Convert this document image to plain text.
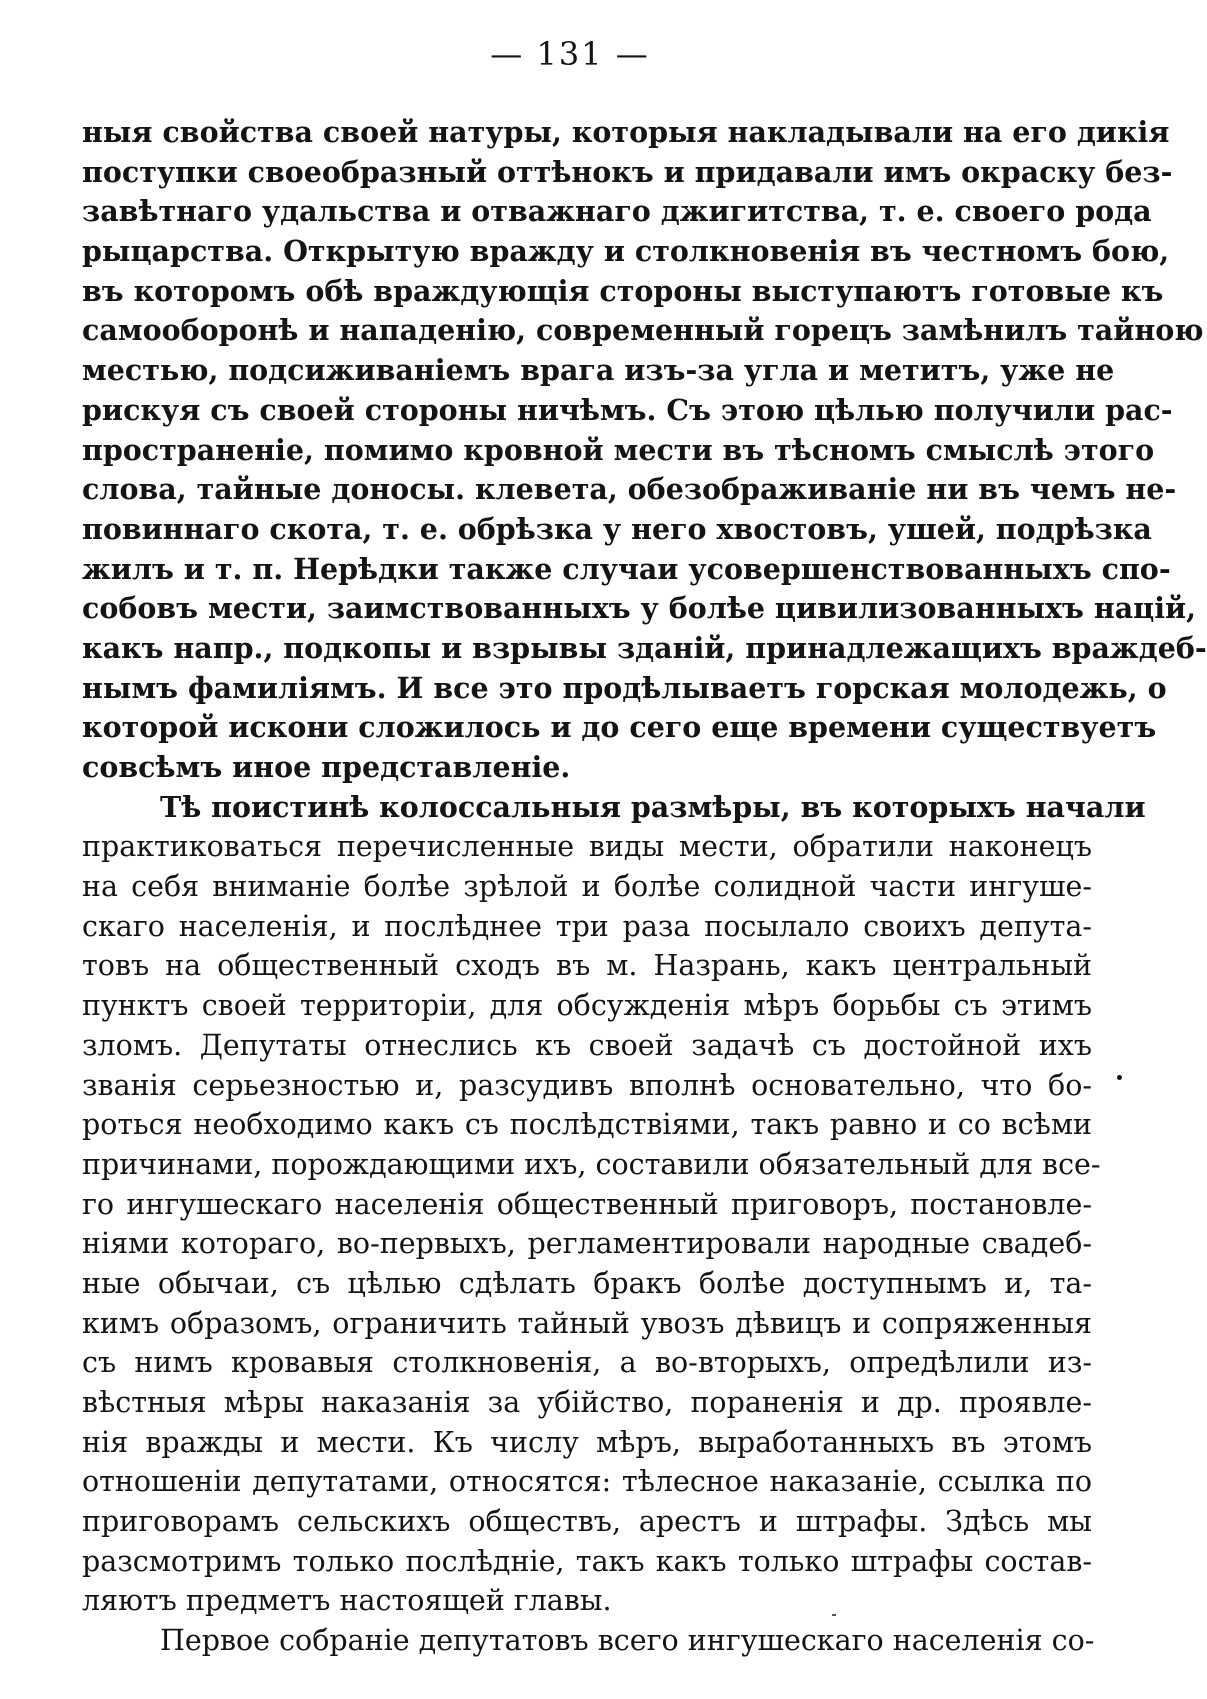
— 131 —
ныя свойства своей натуры, которыя накладывали на его дикія
поступки своеобразный оттѣнокъ и придавали имъ окраску без-
завѣтнаго удальства и отважнаго джигитства, т. е. своего рода
рыцарства. Открытую вражду и столкновенія въ честномъ бою,
въ которомъ обѣ враждующія стороны выступаютъ готовые къ
самообоpонѣ и нападенію, современный горецъ замѣнилъ тайною
местью, подсиживаніемъ врага изъ-за угла и метитъ, уже не
рискуя съ своей стороны ничѣмъ. Съ этою цѣлью получили рас-
пространеніе, помимо кровной мести въ тѣсномъ смыслѣ этого
слова, тайные доносы. клевета, обезображиваніе ни въ чемъ не-
повиннаго скота, т. е. обрѣзка у него хвостовъ, ушей, подрѣзка
жилъ и т. п. Нерѣдки также случаи усовершенствованныхъ спо-
собовъ мести, заимствованныхъ у болѣе цивилизованныхъ націй,
какъ напр., подкопы и взрывы зданій, принадлежащихъ враждеб-
нымъ фамиліямъ. И все это продѣлываетъ горская молодежь, о
которой искони сложилось и до сего еще времени существуетъ
совсѣмъ иное представленіе.
Тѣ поистинѣ колоссальныя размѣры, въ которыхъ начали
практиковаться перечисленные виды мести, обратили наконецъ
на себя вниманіе болѣе зрѣлой и болѣе солидной части ингуше-
скаго населенія, и послѣднее три раза посылало своихъ депута-
товъ на общественный сходъ въ м. Назрань, какъ центральный
пунктъ своей территоріи, для обсужденія мѣръ борьбы съ этимъ
зломъ. Депутаты отнеслись къ своей задачѣ съ достойной ихъ
званія серьезностью и, разсудивъ вполнѣ основательно, что бо-
роться необходимо какъ съ послѣдствіями, такъ равно и со всѣми
причинами, порождающими ихъ, составили обязательный для все-
го ингушескаго населенія общественный приговоръ, постановле-
ніями котораго, во-первыхъ, регламентировали народные свадеб-
ные обычаи, съ цѣлью сдѣлать бракъ болѣе доступнымъ и, та-
кимъ образомъ, ограничить тайный увозъ дѣвицъ и сопряженныя
съ нимъ кровавыя столкновенія, а во-вторыхъ, опредѣлили из-
вѣстныя мѣры наказанія за убійство, пораненія и др. проявле-
нія вражды и мести. Къ числу мѣръ, выработанныхъ въ этомъ
отношеніи депутатами, относятся: тѣлесное наказаніе, ссылка по
приговорамъ сельскихъ обществъ, арестъ и штрафы. Здѣсь мы
разсмотримъ только послѣдніе, такъ какъ только штрафы состав-
ляютъ предметъ настоящей главы.
Первое собраніе депутатовъ всего ингушескаго населенія со-
